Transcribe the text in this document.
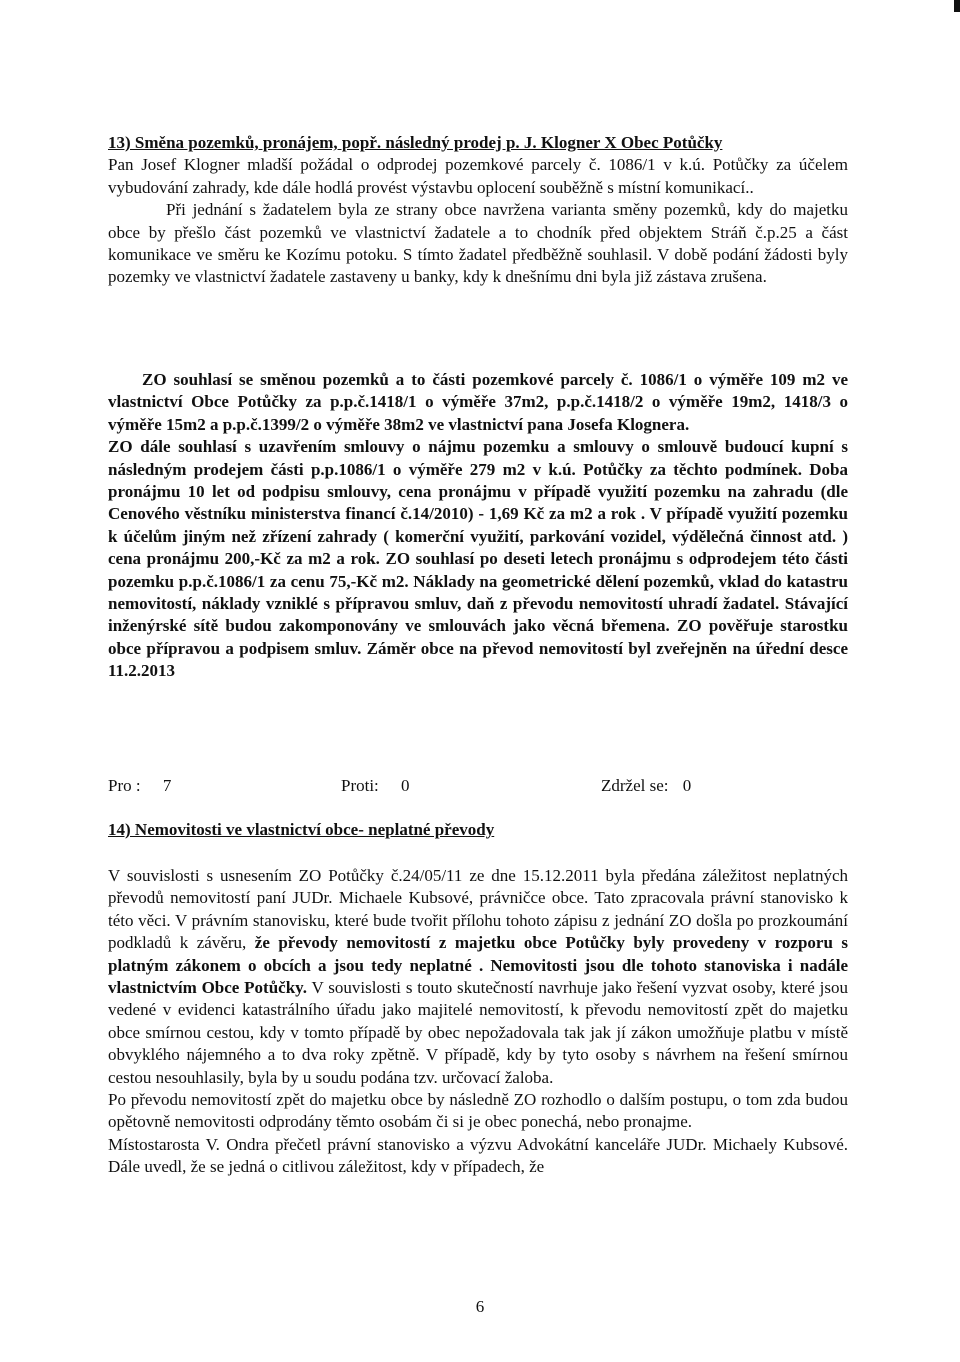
13) Směna pozemků, pronájem, popř. následný prodej p. J. Klogner X Obec Potůčky

Pan Josef Klogner mladší požádal o odprodej pozemkové parcely č. 1086/1 v k.ú. Potůčky za účelem vybudování zahrady, kde dále hodlá provést výstavbu oplocení souběžně s místní komunikací..

Při jednání s žadatelem byla ze strany obce navržena varianta směny pozemků, kdy do majetku obce by přešlo část pozemků ve vlastnictví žadatele a to chodník před objektem Stráň č.p.25 a část komunikace ve směru ke Kozímu potoku. S tímto žadatel předběžně souhlasil. V době podání žádosti byly pozemky ve vlastnictví žadatele zastaveny u banky, kdy k dnešnímu dni byla již zástava zrušena.

ZO souhlasí se směnou pozemků a to části pozemkové parcely č. 1086/1 o výměře 109 m2 ve vlastnictví Obce Potůčky za p.p.č.1418/1 o výměře 37m2, p.p.č.1418/2 o výměře 19m2, 1418/3 o výměře 15m2 a p.p.č.1399/2 o výměře 38m2 ve vlastnictví pana Josefa Klognera.

ZO dále souhlasí s uzavřením smlouvy o nájmu pozemku a smlouvy o smlouvě budoucí kupní s následným prodejem části p.p.1086/1 o výměře 279 m2 v k.ú. Potůčky za těchto podmínek. Doba pronájmu 10 let od podpisu smlouvy, cena pronájmu v případě využití pozemku na zahradu (dle Cenového věstníku ministerstva financí č.14/2010) - 1,69 Kč za m2 a rok . V případě využití pozemku k účelům jiným než zřízení zahrady ( komerční využití, parkování vozidel, výdělečná činnost atd. ) cena pronájmu 200,-Kč za m2 a rok. ZO souhlasí po deseti letech pronájmu s odprodejem této části pozemku p.p.č.1086/1 za cenu 75,-Kč m2. Náklady na geometrické dělení pozemků, vklad do katastru nemovitostí, náklady vzniklé s přípravou smluv, daň z převodu nemovitostí uhradí žadatel. Stávající inženýrské sítě budou zakomponovány ve smlouvách jako věcná břemena. ZO pověřuje starostku obce přípravou a podpisem smluv. Záměr obce na převod nemovitostí byl zveřejněn na úřední desce 11.2.2013

Pro : 7	Proti: 0	Zdržel se: 0

14) Nemovitosti ve vlastnictví obce- neplatné převody

V souvislosti s usnesením ZO Potůčky č.24/05/11 ze dne 15.12.2011 byla předána záležitost neplatných převodů nemovitostí paní JUDr. Michaele Kubsové, právničce obce. Tato zpracovala právní stanovisko k této věci. V právním stanovisku, které bude tvořit přílohu tohoto zápisu z jednání ZO došla po prozkoumání podkladů k závěru, že převody nemovitostí z majetku obce Potůčky byly provedeny v rozporu s platným zákonem o obcích a jsou tedy neplatné . Nemovitosti jsou dle tohoto stanoviska i nadále vlastnictvím Obce Potůčky. V souvislosti s touto skutečností navrhuje jako řešení vyzvat osoby, které jsou vedené v evidenci katastrálního úřadu jako majitelé nemovitostí, k převodu nemovitostí zpět do majetku obce smírnou cestou, kdy v tomto případě by obec nepožadovala tak jak jí zákon umožňuje platbu v místě obvyklého nájemného a to dva roky zpětně. V případě, kdy by tyto osoby s návrhem na řešení smírnou cestou nesouhlasily, byla by u soudu podána tzv. určovací žaloba.

Po převodu nemovitostí zpět do majetku obce by následně ZO rozhodlo o dalším postupu, o tom zda budou opětovně nemovitosti odprodány těmto osobám či si je obec ponechá, nebo pronajme.

Místostarosta V. Ondra přečetl právní stanovisko a výzvu Advokátní kanceláře JUDr. Michaely Kubsové. Dále uvedl, že se jedná o citlivou záležitost, kdy v případech, že

6
